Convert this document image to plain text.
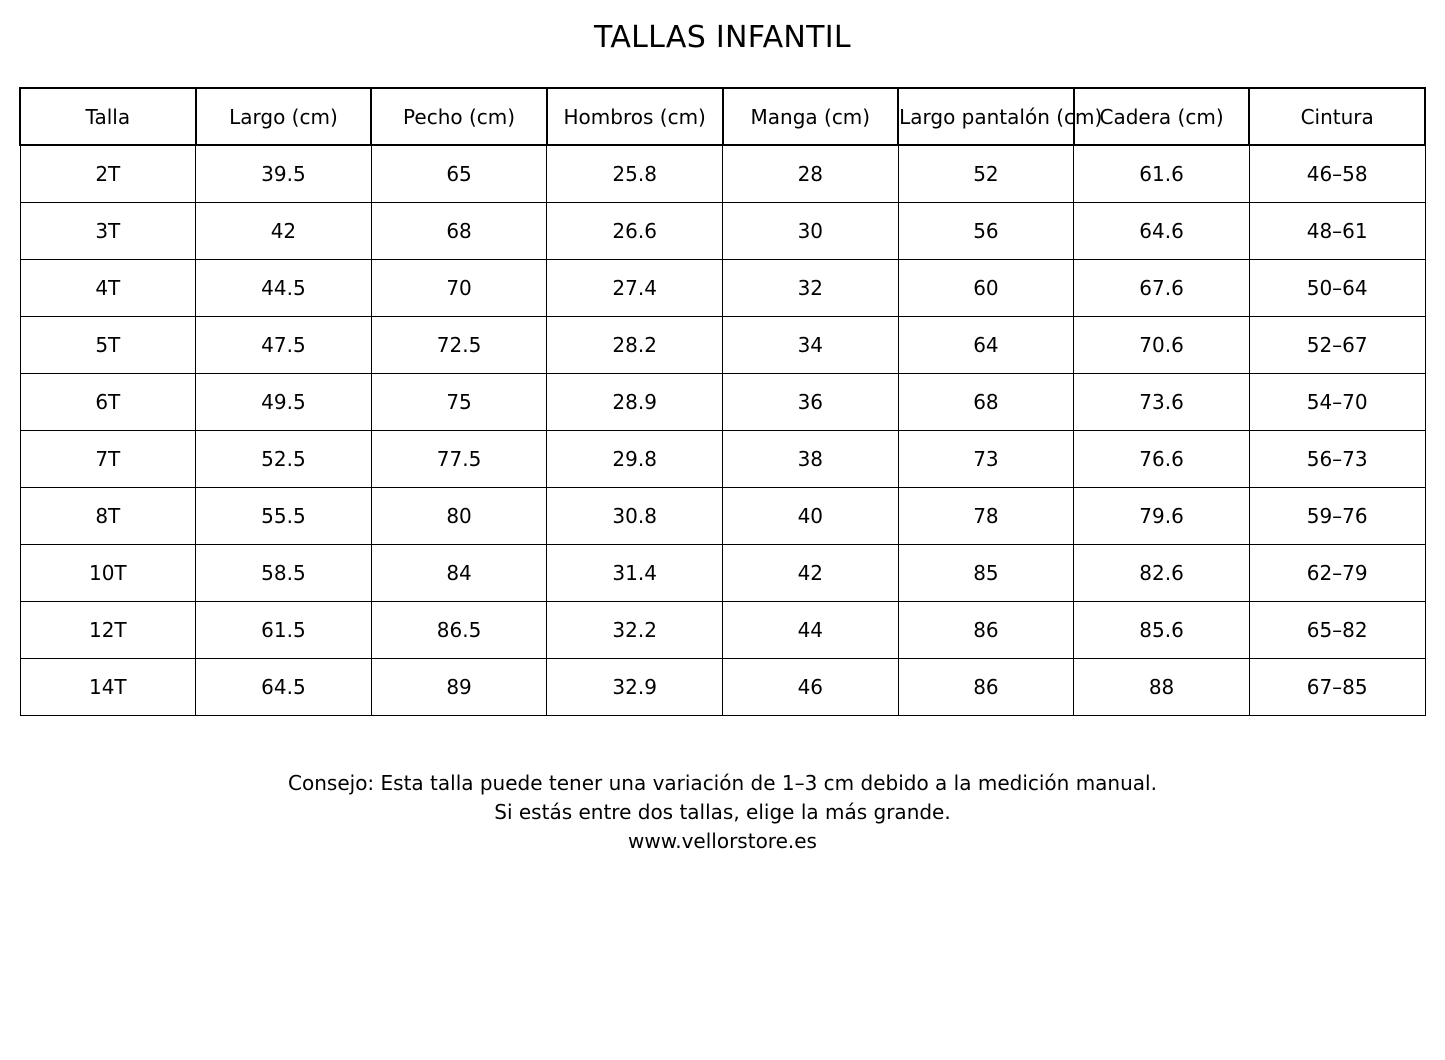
TALLAS INFANTIL
Talla	Largo (cm)	Pecho (cm)	Hombros (cm)	Manga (cm)	Largo pantalón (cm)	Cadera (cm)	Cintura
2T	39.5	65	25.8	28	52	61.6	46–58
3T	42	68	26.6	30	56	64.6	48–61
4T	44.5	70	27.4	32	60	67.6	50–64
5T	47.5	72.5	28.2	34	64	70.6	52–67
6T	49.5	75	28.9	36	68	73.6	54–70
7T	52.5	77.5	29.8	38	73	76.6	56–73
8T	55.5	80	30.8	40	78	79.6	59–76
10T	58.5	84	31.4	42	85	82.6	62–79
12T	61.5	86.5	32.2	44	86	85.6	65–82
14T	64.5	89	32.9	46	86	88	67–85
Consejo: Esta talla puede tener una variación de 1–3 cm debido a la medición manual.
Si estás entre dos tallas, elige la más grande.
www.vellorstore.es
